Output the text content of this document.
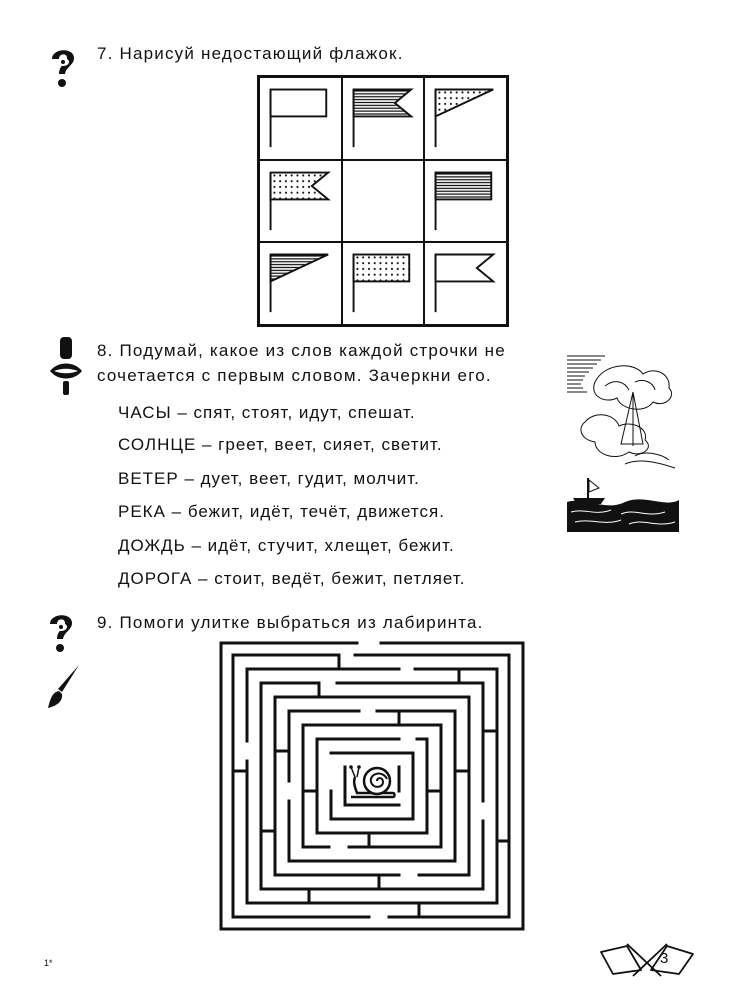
7. Нарисуй недостающий флажок.
8. Подумай, какое из слов каждой строчки не
сочетается с первым словом. Зачеркни его.
ЧАСЫ – спят, стоят, идут, спешат.
СОЛНЦЕ – греет, веет, сияет, светит.
ВЕТЕР – дует, веет, гудит, молчит.
РЕКА – бежит, идёт, течёт, движется.
ДОЖДЬ – идёт, стучит, хлещет, бежит.
ДОРОГА – стоит, ведёт, бежит, петляет.
9. Помоги улитке выбраться из лабиринта.
1*	3
